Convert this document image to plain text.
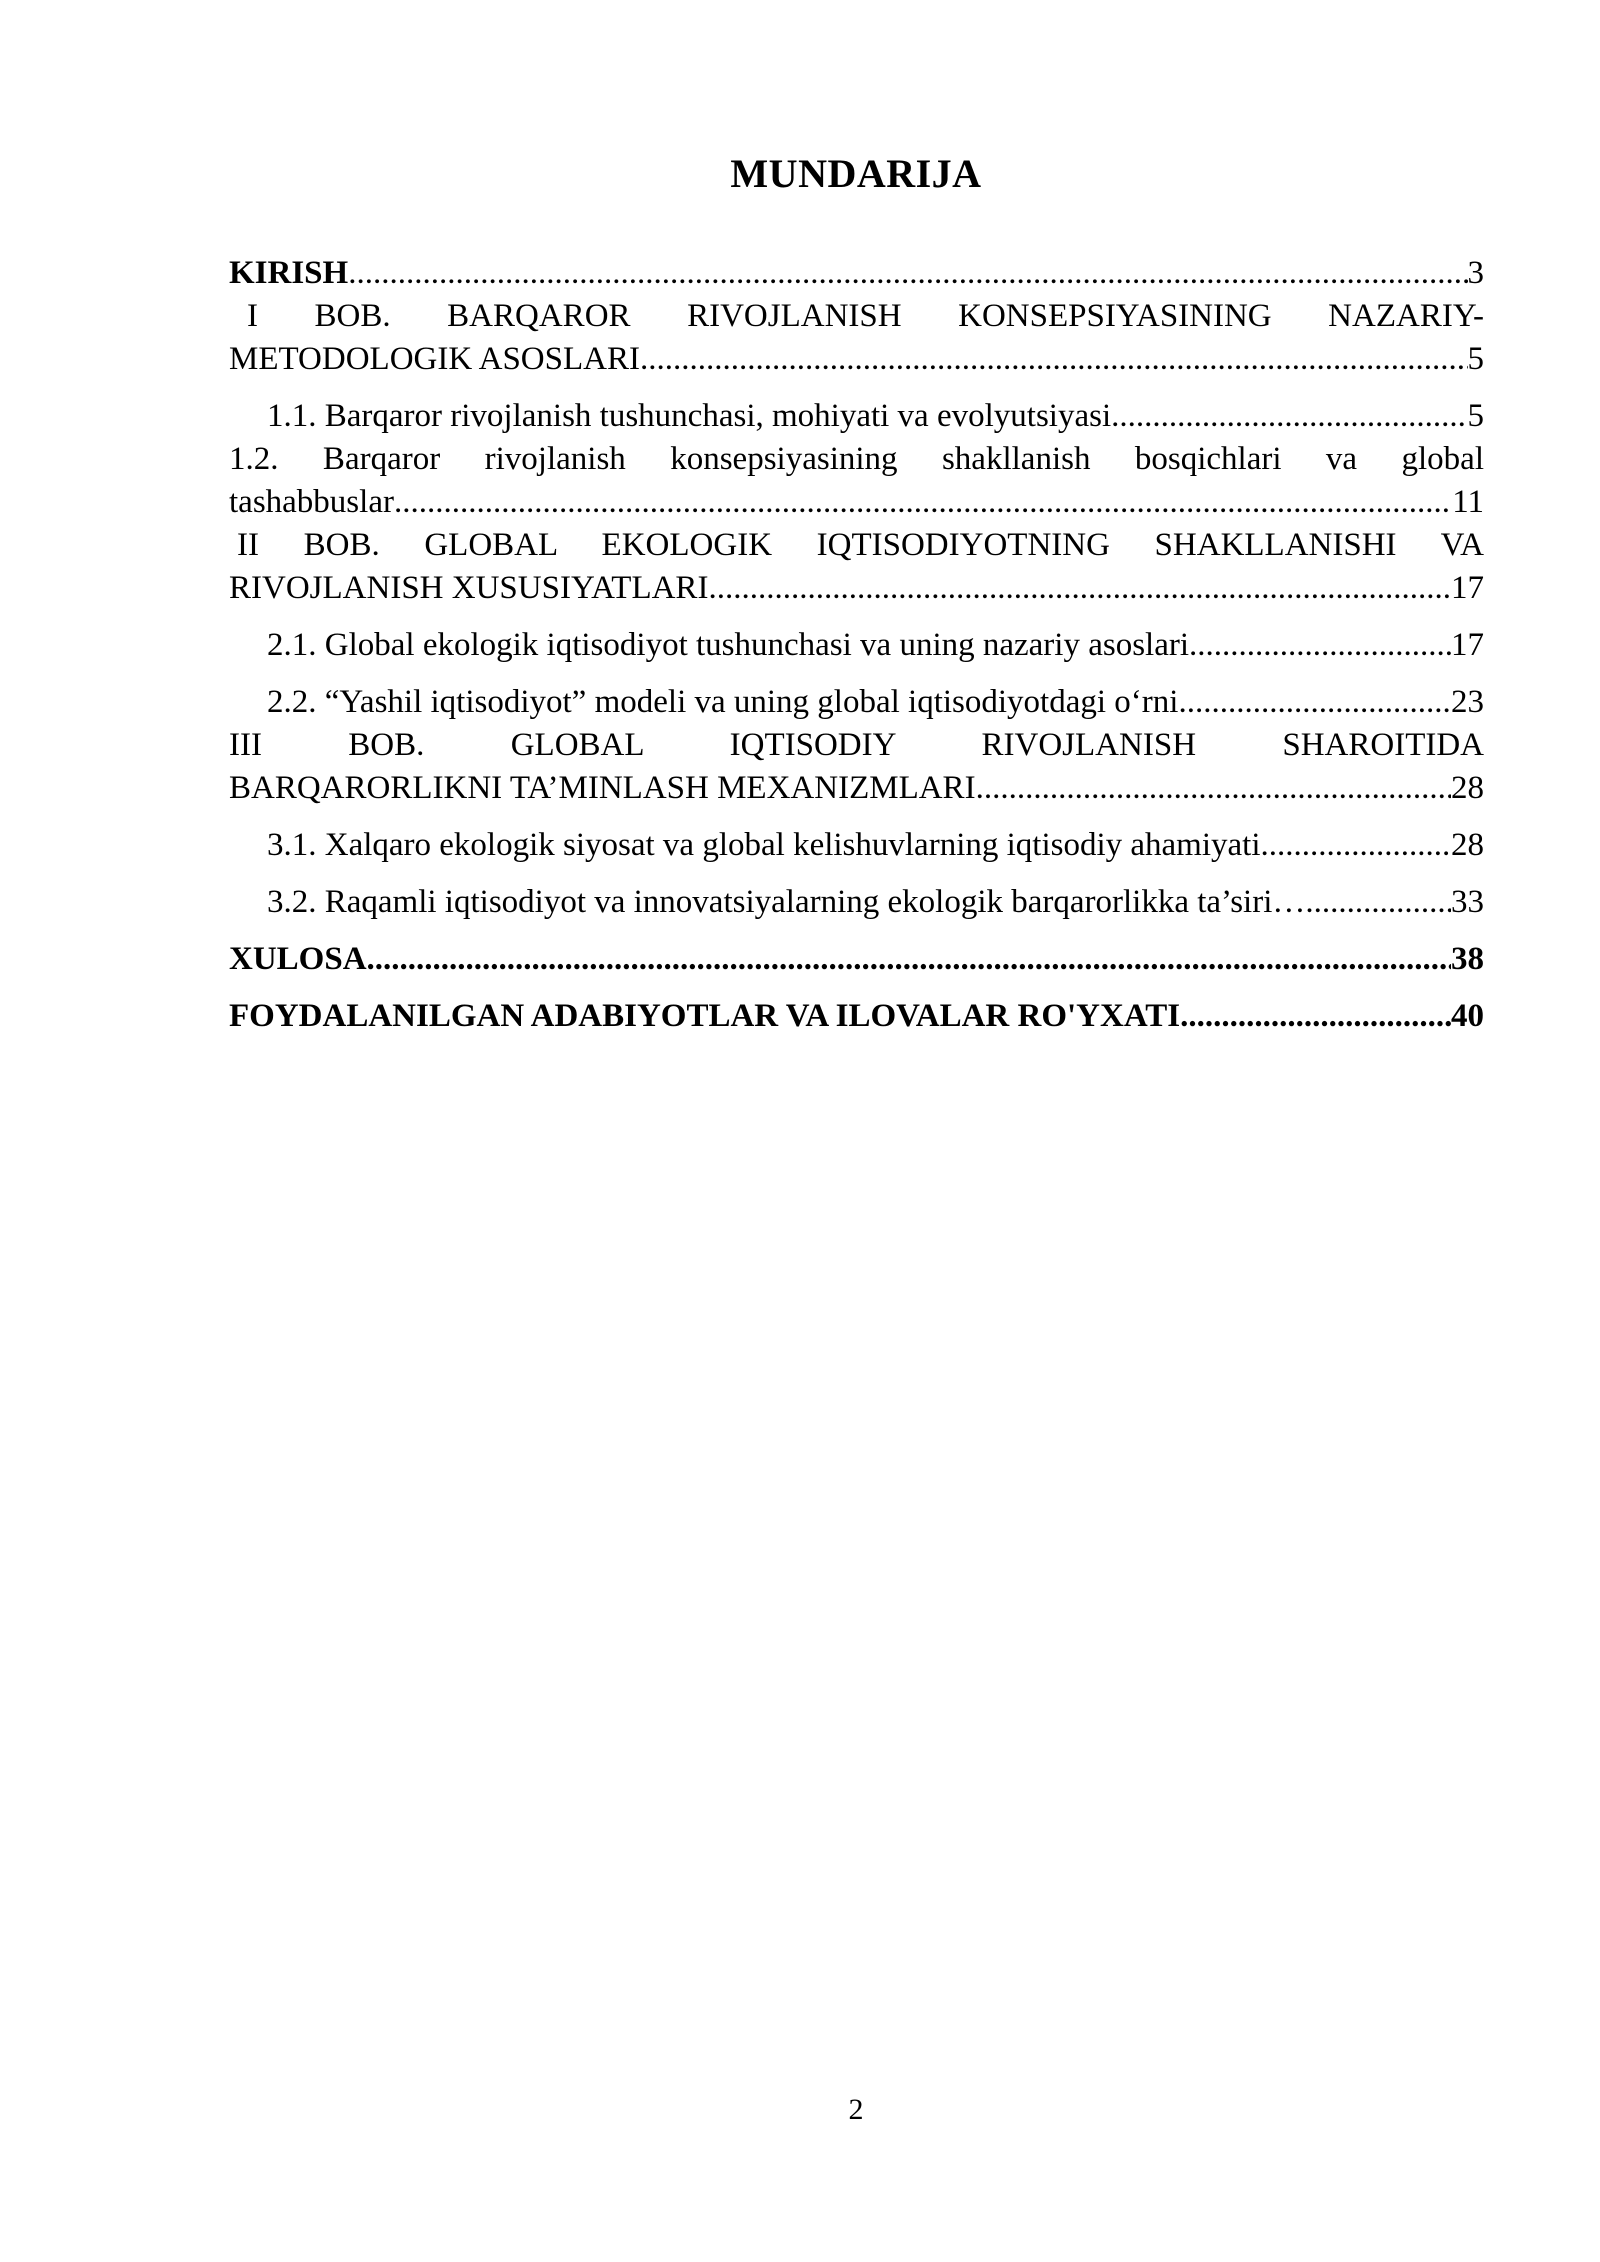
MUNDARIJA
KIRISH .....	3
I BOB. BARQAROR RIVOJLANISH KONSEPSIYASINING NAZARIY-
METODOLOGIK ASOSLARI .....	5
1.1. Barqaror rivojlanish tushunchasi, mohiyati va evolyutsiyasi .....	5
1.2. Barqaror rivojlanish konsepsiyasining shakllanish bosqichlari va global
tashabbuslar .....	11
II BOB. GLOBAL EKOLOGIK IQTISODIYOTNING SHAKLLANISHI VA
RIVOJLANISH XUSUSIYATLARI .....	17
2.1. Global ekologik iqtisodiyot tushunchasi va uning nazariy asoslari .....	17
2.2. “Yashil iqtisodiyot” modeli va uning global iqtisodiyotdagi o‘rni .....	23
III BOB. GLOBAL IQTISODIY RIVOJLANISH SHAROITIDA
BARQARORLIKNI TA’MINLASH MEXANIZMLARI .....	28
3.1. Xalqaro ekologik siyosat va global kelishuvlarning iqtisodiy ahamiyati .....	28
3.2. Raqamli iqtisodiyot va innovatsiyalarning ekologik barqarorlikka ta’siri… .....	33
XULOSA .....	38
FOYDALANILGAN ADABIYOTLAR VA ILOVALAR RO'YXATI .....	40
2
